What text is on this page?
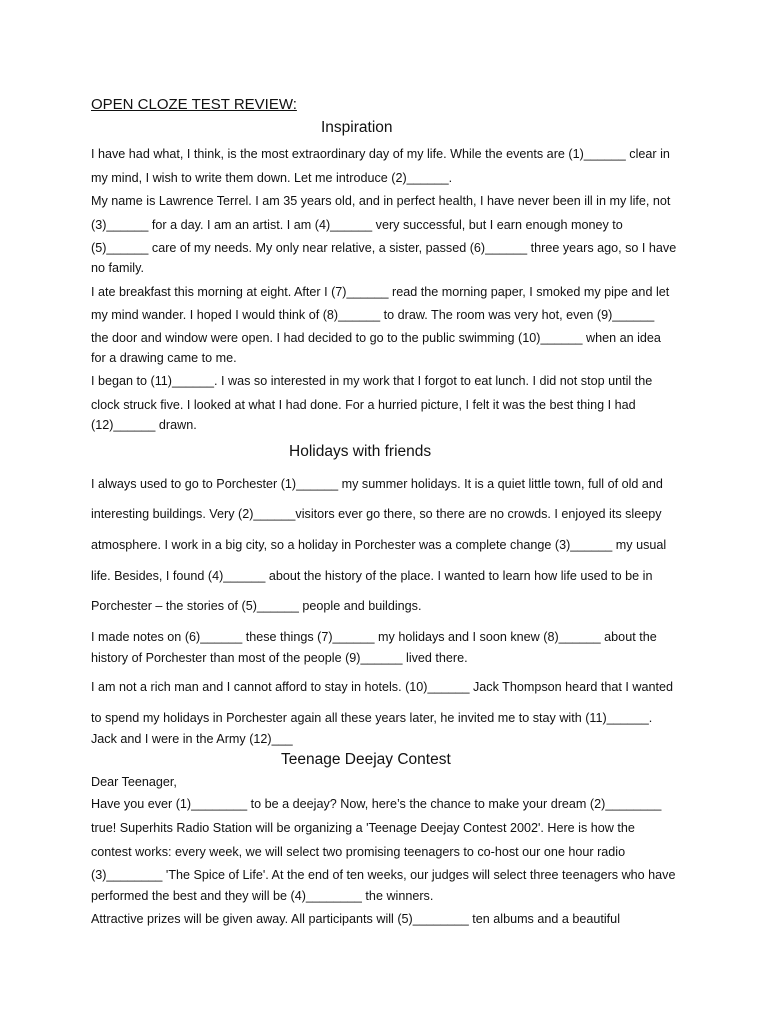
OPEN CLOZE TEST REVIEW:
Inspiration
I have had what, I think, is the most extraordinary day of my life. While the events are (1)______ clear in
my mind, I wish to write them down. Let me introduce (2)______.
My name is Lawrence Terrel. I am 35 years old, and in perfect health, I have never been ill in my life, not
(3)______ for a day. I am an artist. I am (4)______ very successful, but I earn enough money to
(5)______ care of my needs. My only near relative, a sister, passed (6)______ three years ago, so I have
no family.
I ate breakfast this morning at eight. After I (7)______ read the morning paper, I smoked my pipe and let
my mind wander. I hoped I would think of (8)______ to draw. The room was very hot, even (9)______
the door and window were open. I had decided to go to the public swimming (10)______ when an idea
for a drawing came to me.
I began to (11)______. I was so interested in my work that I forgot to eat lunch. I did not stop until the
clock struck five. I looked at what I had done. For a hurried picture, I felt it was the best thing I had
(12)______ drawn.
Holidays with friends
I always used to go to Porchester (1)______ my summer holidays. It is a quiet little town, full of old and
interesting buildings. Very (2)______visitors ever go there, so there are no crowds. I enjoyed its sleepy
atmosphere. I work in a big city, so a holiday in Porchester was a complete change (3)______ my usual
life. Besides, I found (4)______ about the history of the place. I wanted to learn how life used to be in
Porchester – the stories of (5)______ people and buildings.
I made notes on (6)______ these things (7)______ my holidays and I soon knew (8)______ about the
history of Porchester than most of the people (9)______ lived there.
I am not a rich man and I cannot afford to stay in hotels. (10)______ Jack Thompson heard that I wanted
to spend my holidays in Porchester again all these years later, he invited me to stay with (11)______.
Jack and I were in the Army (12)___
Teenage Deejay Contest
Dear Teenager,
Have you ever (1)________ to be a deejay? Now, here’s the chance to make your dream (2)________
true! Superhits Radio Station will be organizing a 'Teenage Deejay Contest 2002'. Here is how the
contest works: every week, we will select two promising teenagers to co-host our one hour radio
(3)________ 'The Spice of Life'. At the end of ten weeks, our judges will select three teenagers who have
performed the best and they will be (4)________ the winners.
Attractive prizes will be given away. All participants will (5)________ ten albums and a beautiful
